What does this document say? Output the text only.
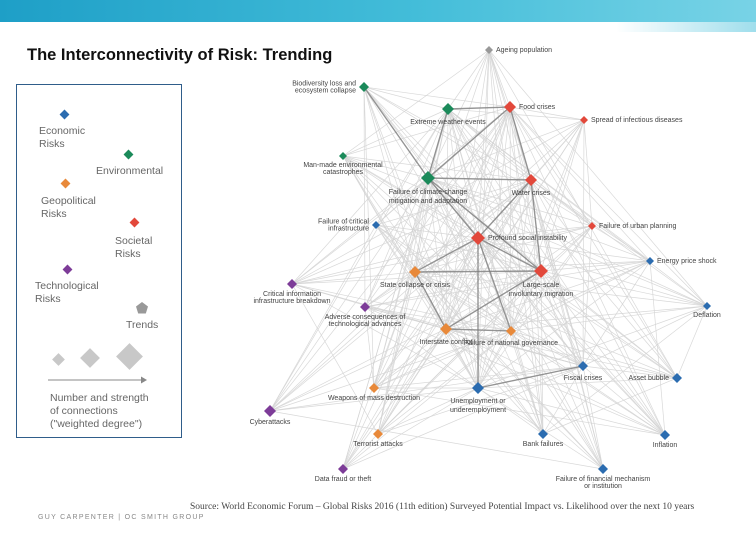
The Interconnectivity of Risk: Trending	Ageing population
Biodiversity loss and ecosystem collapse
Food crises
Extreme weather events	Spread of infectious diseases
Man-made environmental catastrophes
Failure of climate-change mitigation and adaptation
Water crises
Failure of critical infrastructure	Failure of urban planning
Profound social instability
Energy price shock
Large-scale involuntary migration
State collapse or crisis
Critical information infrastructure breakdown
Deflation
Adverse consequences of technological advances
Interstate conflict
Failure of national governance
Fiscal crises	Asset bubble
Weapons of mass destruction	Unemployment or underemployment
Cyberattacks
Terrorist attacks	Bank failures	Inflation
Data fraud or theft	Failure of financial mechanism or institution
Economic
Risks
Environmental
Geopolitical
Risks
Societal
Risks
Technological
Risks
Trends
Number and strength
of connections
("weighted degree")
Source: World Economic Forum – Global Risks 2016 (11th edition) Surveyed Potential Impact vs. Likelihood over the next 10 years
GUY CARPENTER | OC SMITH GROUP
